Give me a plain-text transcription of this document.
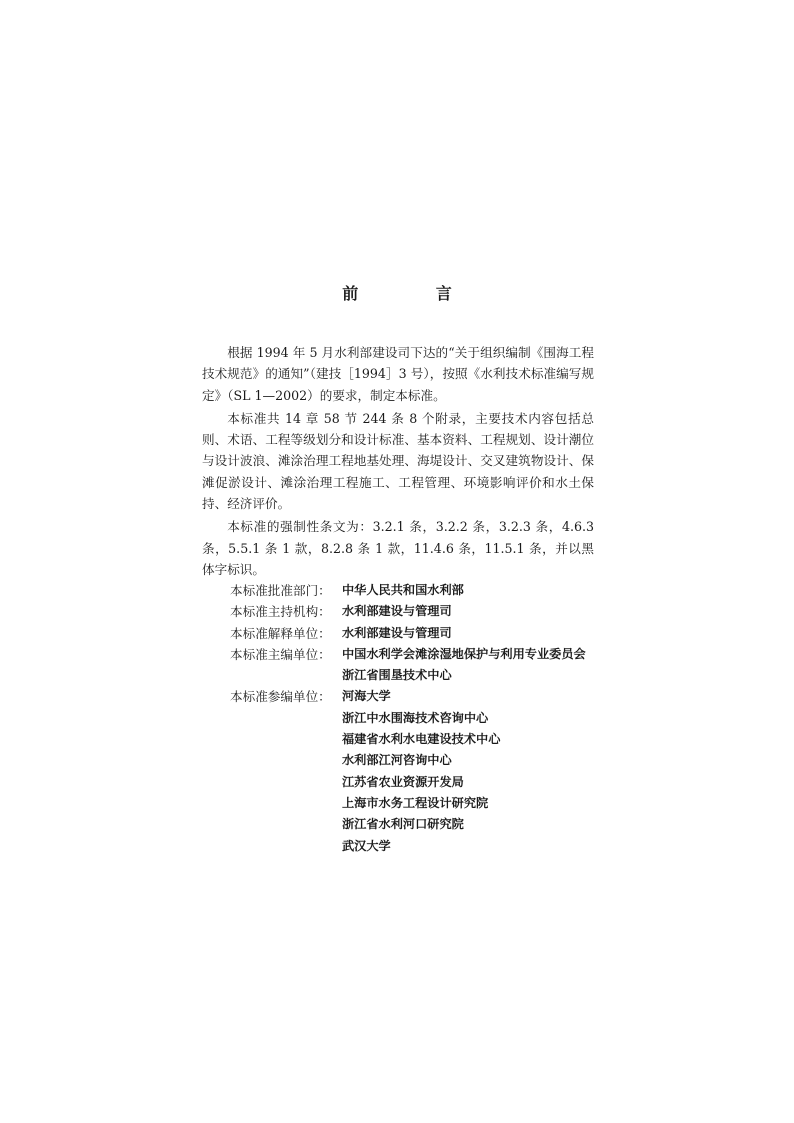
前 言

根据 1994 年 5 月水利部建设司下达的“关于组织编制《围海工程技术规范》的通知”（建技［1994］3 号），按照《水利技术标准编写规定》（SL 1—2002）的要求，制定本标准。

本标准共 14 章 58 节 244 条 8 个附录，主要技术内容包括总则、术语、工程等级划分和设计标准、基本资料、工程规划、设计潮位与设计波浪、滩涂治理工程地基处理、海堤设计、交叉建筑物设计、保滩促淤设计、滩涂治理工程施工、工程管理、环境影响评价和水土保持、经济评价。

本标准的强制性条文为：3.2.1 条，3.2.2 条，3.2.3 条，4.6.3 条，5.5.1 条 1 款，8.2.8 条 1 款，11.4.6 条，11.5.1 条，并以黑体字标识。

本标准批准部门： 中华人民共和国水利部
本标准主持机构： 水利部建设与管理司
本标准解释单位： 水利部建设与管理司
本标准主编单位： 中国水利学会滩涂湿地保护与利用专业委员会
浙江省围垦技术中心
本标准参编单位： 河海大学
浙江中水围海技术咨询中心
福建省水利水电建设技术中心
水利部江河咨询中心
江苏省农业资源开发局
上海市水务工程设计研究院
浙江省水利河口研究院
武汉大学
